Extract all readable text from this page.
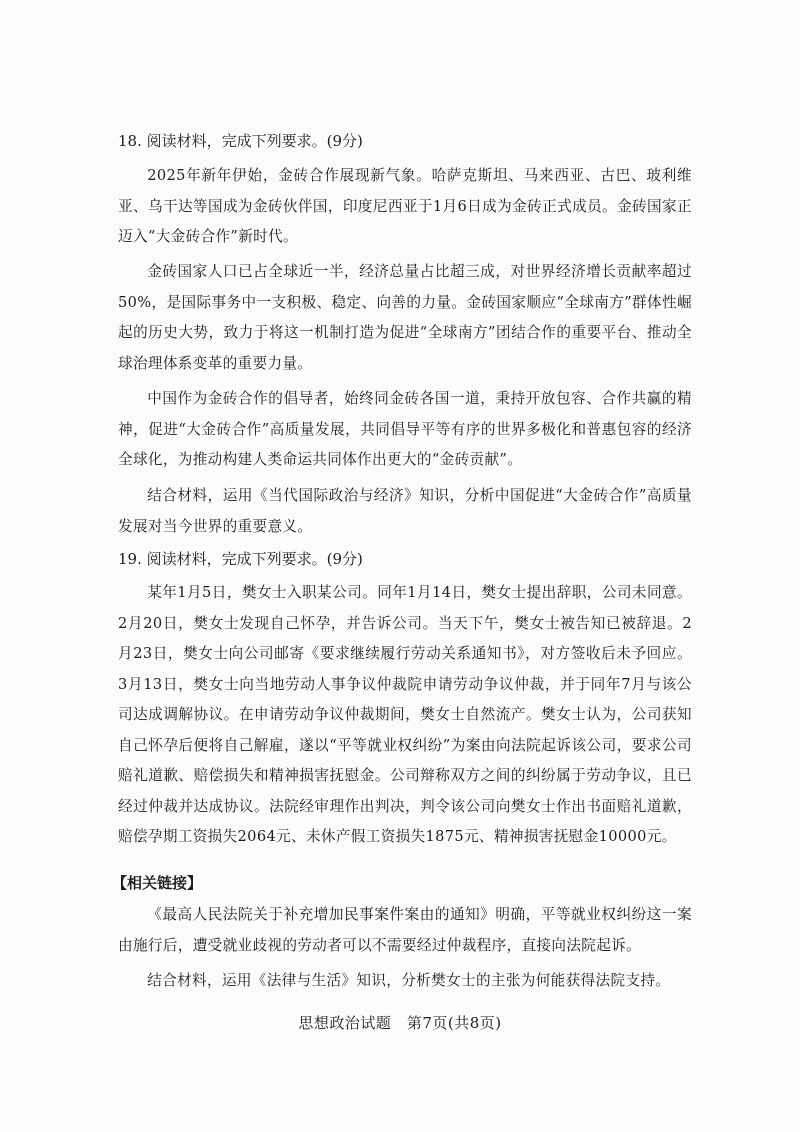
18. 阅读材料，完成下列要求。(9分)
2025年新年伊始，金砖合作展现新气象。哈萨克斯坦、马来西亚、古巴、玻利维亚、乌干达等国成为金砖伙伴国，印度尼西亚于1月6日成为金砖正式成员。金砖国家正迈入“大金砖合作”新时代。
金砖国家人口已占全球近一半，经济总量占比超三成，对世界经济增长贡献率超过50%，是国际事务中一支积极、稳定、向善的力量。金砖国家顺应“全球南方”群体性崛起的历史大势，致力于将这一机制打造为促进“全球南方”团结合作的重要平台、推动全球治理体系变革的重要力量。
中国作为金砖合作的倡导者，始终同金砖各国一道，秉持开放包容、合作共赢的精神，促进“大金砖合作”高质量发展，共同倡导平等有序的世界多极化和普惠包容的经济全球化，为推动构建人类命运共同体作出更大的“金砖贡献”。
结合材料，运用《当代国际政治与经济》知识，分析中国促进“大金砖合作”高质量发展对当今世界的重要意义。
19. 阅读材料，完成下列要求。(9分)
某年1月5日，樊女士入职某公司。同年1月14日，樊女士提出辞职，公司未同意。2月20日，樊女士发现自己怀孕，并告诉公司。当天下午，樊女士被告知已被辞退。2月23日，樊女士向公司邮寄《要求继续履行劳动关系通知书》，对方签收后未予回应。3月13日，樊女士向当地劳动人事争议仲裁院申请劳动争议仲裁，并于同年7月与该公司达成调解协议。在申请劳动争议仲裁期间，樊女士自然流产。樊女士认为，公司获知自己怀孕后便将自己解雇，遂以“平等就业权纠纷”为案由向法院起诉该公司，要求公司赔礼道歉、赔偿损失和精神损害抚慰金。公司辩称双方之间的纠纷属于劳动争议，且已经过仲裁并达成协议。法院经审理作出判决，判令该公司向樊女士作出书面赔礼道歉，赔偿孕期工资损失2064元、未休产假工资损失1875元、精神损害抚慰金10000元。
【相关链接】
《最高人民法院关于补充增加民事案件案由的通知》明确，平等就业权纠纷这一案由施行后，遭受就业歧视的劳动者可以不需要经过仲裁程序，直接向法院起诉。
结合材料，运用《法律与生活》知识，分析樊女士的主张为何能获得法院支持。
思想政治试题　第7页(共8页)
